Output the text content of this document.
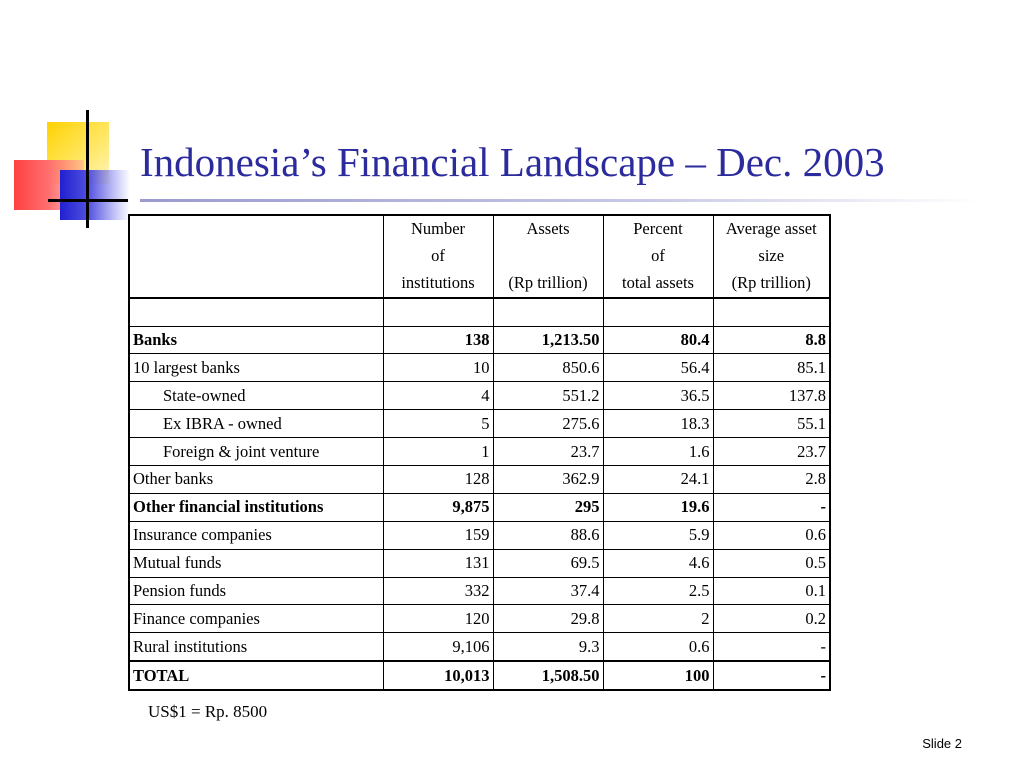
Indonesia’s Financial Landscape – Dec. 2003
	Number	Assets	Percent	Average asset
	of		of	size
	institutions	(Rp trillion)	total assets	(Rp trillion)

Banks	138	1,213.50	80.4	8.8
10 largest banks	10	850.6	56.4	85.1
State-owned	4	551.2	36.5	137.8
Ex IBRA - owned	5	275.6	18.3	55.1
Foreign & joint venture	1	23.7	1.6	23.7
Other banks	128	362.9	24.1	2.8
Other financial institutions	9,875	295	19.6	-
Insurance companies	159	88.6	5.9	0.6
Mutual funds	131	69.5	4.6	0.5
Pension funds	332	37.4	2.5	0.1
Finance companies	120	29.8	2	0.2
Rural institutions	9,106	9.3	0.6	-
TOTAL	10,013	1,508.50	100	-
US$1 = Rp. 8500
Slide 2
